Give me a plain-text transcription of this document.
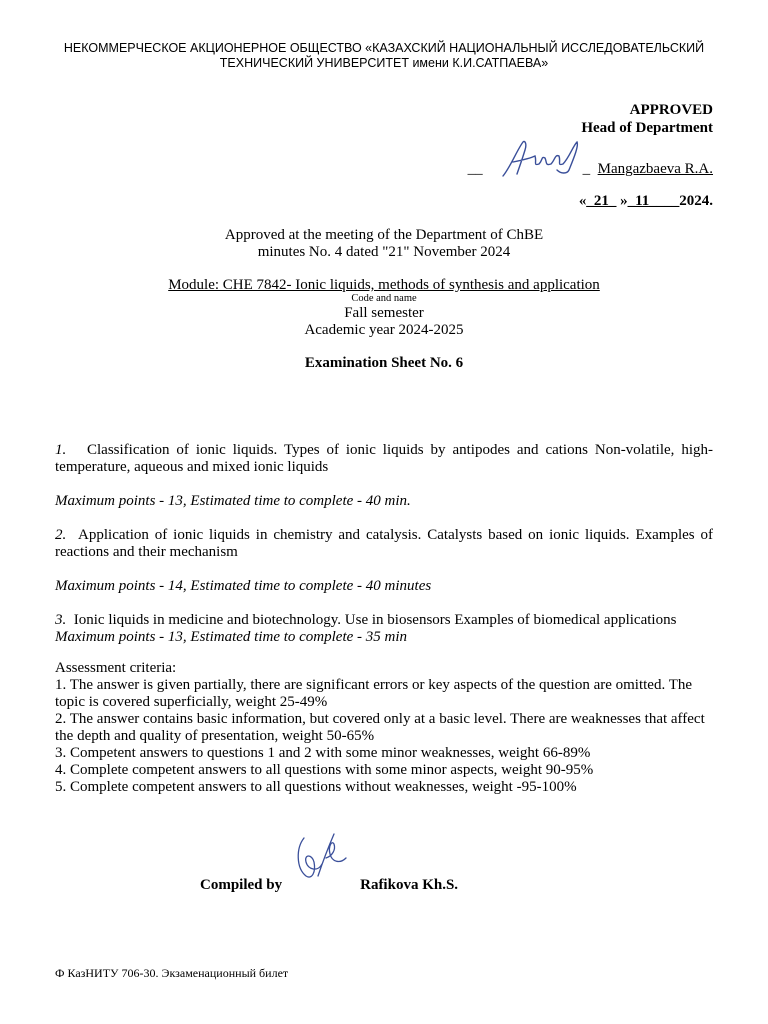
НЕКОММЕРЧЕСКОЕ АКЦИОНЕРНОЕ ОБЩЕСТВО «КАЗАХСКИЙ НАЦИОНАЛЬНЫЙ ИССЛЕДОВАТЕЛЬСКИЙ
ТЕХНИЧЕСКИЙ УНИВЕРСИТЕТ имени К.И.САТПАЕВА»
APPROVED
Head of Department
__	_ Mangazbaeva R.A.
«_21_ »_11____2024.
Approved at the meeting of the Department of ChBE
minutes No. 4 dated "21" November 2024
Module: CHE 7842- Ionic liquids, methods of synthesis and application
Code and name
Fall semester
Academic year 2024-2025
Examination Sheet No. 6

1. Classification of ionic liquids. Types of ionic liquids by antipodes and cations Non-volatile, high-temperature, aqueous and mixed ionic liquids

Maximum points - 13, Estimated time to complete - 40 min.

2. Application of ionic liquids in chemistry and catalysis. Catalysts based on ionic liquids. Examples of reactions and their mechanism

Maximum points - 14, Estimated time to complete - 40 minutes

3. Ionic liquids in medicine and biotechnology. Use in biosensors Examples of biomedical applications

Maximum points - 13, Estimated time to complete - 35 min

Assessment criteria:

1. The answer is given partially, there are significant errors or key aspects of the question are omitted. The topic is covered superficially, weight 25-49%

2. The answer contains basic information, but covered only at a basic level. There are weaknesses that affect the depth and quality of presentation, weight 50-65%

3. Competent answers to questions 1 and 2 with some minor weaknesses, weight 66-89%

4. Complete competent answers to all questions with some minor aspects, weight 90-95%

5. Complete competent answers to all questions without weaknesses, weight -95-100%

Compiled by	Rafikova Kh.S.
Ф КазНИТУ 706-30. Экзаменационный билет
